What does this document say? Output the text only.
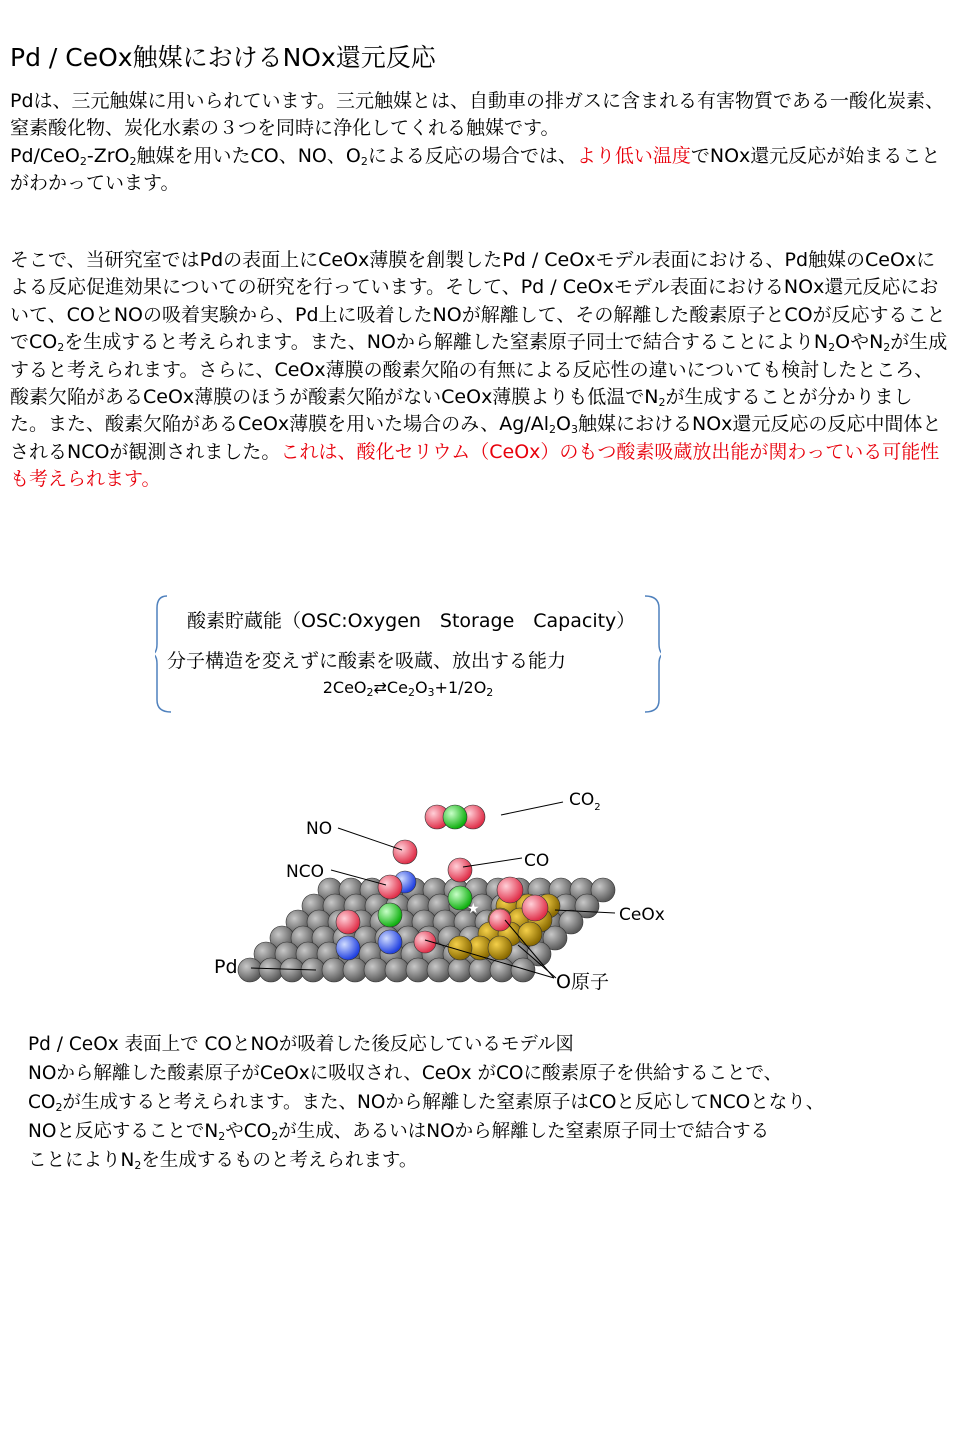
Pd / CeOx触媒におけるNOx還元反応
Pdは、三元触媒に用いられています。三元触媒とは、自動車の排ガスに含まれる有害物質である一酸化炭素、窒素酸化物、炭化水素の３つを同時に浄化してくれる触媒です。
Pd/CeO$_2$-ZrO$_2$触媒を用いたCO、NO、$O_2$による反応の場合では、より低い温度でNOx還元反応が始まることがわかっています。
そこで、当研究室ではPdの表面上にCeOx薄膜を創製したPd / CeOxモデル表面における、Pd触媒のCeOxによる反応促進効果についての研究を行っています。そして、Pd / CeOxモデル表面におけるNOx還元反応において、COとNOの吸着実験から、Pd上に吸着したNOが解離して、その解離した酸素原子とCOが反応することで$CO_2$を生成すると考えられます。また、NOから解離した窒素原子同士で結合することにより$N_2O$や$N_2$が生成すると考えられます。さらに、CeOx薄膜の酸素欠陥の有無による反応性の違いについても検討したところ、酸素欠陥があるCeOx薄膜のほうが酸素欠陥がないCeOx薄膜よりも低温で$N_2$が生成することが分かりました。また、酸素欠陥があるCeOx薄膜を用いた場合のみ、$Ag/Al_2O_3$触媒におけるNOx還元反応の反応中間体とされるNCOが観測されました。これは、酸化セリウム（CeOx）のもつ酸素吸蔵放出能が関わっている可能性も考えられます。
酸素貯蔵能（OSC:Oxygen　Storage　Capacity）
分子構造を変えずに酸素を吸蔵、放出する能力
$2CeO_2⇄Ce_2O_3+1/2O_2$
★
$CO_2$
NO
CO
NCO
CeOx
Pd
O原子
Pd / CeOx 表面上で COとNOが吸着した後反応しているモデル図
NOから解離した酸素原子がCeOxに吸収され、CeOx がCOに酸素原子を供給することで、
$CO_2$が生成すると考えられます。また、NOから解離した窒素原子はCOと反応してNCOとなり、
NOと反応することで$N_2$や$CO_2$が生成、あるいはNOから解離した窒素原子同士で結合する
ことにより$N_2$を生成するものと考えられます。
